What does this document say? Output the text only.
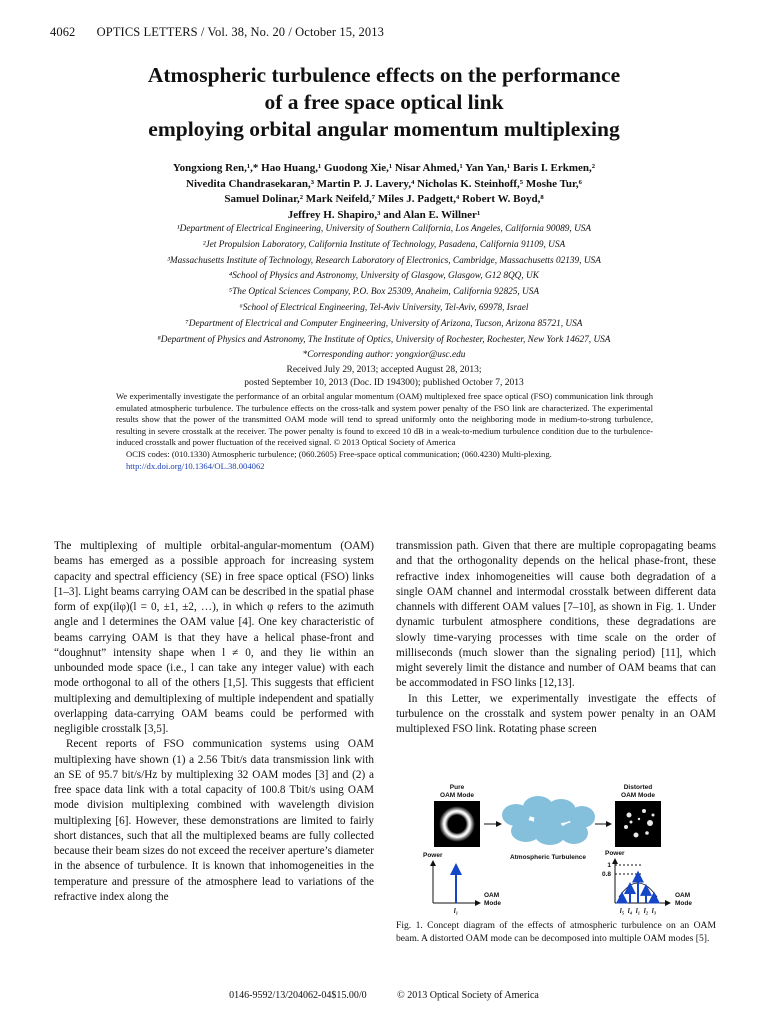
4062 OPTICS LETTERS / Vol. 38, No. 20 / October 15, 2013
Atmospheric turbulence effects on the performance
of a free space optical link
employing orbital angular momentum multiplexing
Yongxiong Ren,¹,* Hao Huang,¹ Guodong Xie,¹ Nisar Ahmed,¹ Yan Yan,¹ Baris I. Erkmen,²
Nivedita Chandrasekaran,³ Martin P. J. Lavery,⁴ Nicholas K. Steinhoff,⁵ Moshe Tur,⁶
Samuel Dolinar,² Mark Neifeld,⁷ Miles J. Padgett,⁴ Robert W. Boyd,⁸
Jeffrey H. Shapiro,³ and Alan E. Willner¹
¹Department of Electrical Engineering, University of Southern California, Los Angeles, California 90089, USA
²Jet Propulsion Laboratory, California Institute of Technology, Pasadena, California 91109, USA
³Massachusetts Institute of Technology, Research Laboratory of Electronics, Cambridge, Massachusetts 02139, USA
⁴School of Physics and Astronomy, University of Glasgow, Glasgow, G12 8QQ, UK
⁵The Optical Sciences Company, P.O. Box 25309, Anaheim, California 92825, USA
⁶School of Electrical Engineering, Tel-Aviv University, Tel-Aviv, 69978, Israel
⁷Department of Electrical and Computer Engineering, University of Arizona, Tucson, Arizona 85721, USA
⁸Department of Physics and Astronomy, The Institute of Optics, University of Rochester, Rochester, New York 14627, USA
*Corresponding author: yongxior@usc.edu
Received July 29, 2013; accepted August 28, 2013;
posted September 10, 2013 (Doc. ID 194300); published October 7, 2013

We experimentally investigate the performance of an orbital angular momentum (OAM) multiplexed free space optical (FSO) communication link through emulated atmospheric turbulence. The turbulence effects on the cross-talk and system power penalty of the FSO link are characterized. The experimental results show that the power of the transmitted OAM mode will tend to spread uniformly onto the neighboring mode in medium-to-strong turbulence, resulting in severe crosstalk at the receiver. The power penalty is found to exceed 10 dB in a weak-to-medium turbulence condition due to the turbulence-induced crosstalk and power fluctuation of the received signal. © 2013 Optical Society of America

OCIS codes: (010.1330) Atmospheric turbulence; (060.2605) Free-space optical communication; (060.4230) Multi-plexing.

http://dx.doi.org/10.1364/OL.38.004062

The multiplexing of multiple orbital-angular-momentum (OAM) beams has emerged as a possible approach for increasing system capacity and spectral efficiency (SE) in free space optical (FSO) links [1–3]. Light beams carrying OAM can be described in the spatial phase form of exp(ilφ)(l = 0, ±1, ±2, …), in which φ refers to the azimuth angle and l determines the OAM value [4]. One key characteristic of beams carrying OAM is that they have a helical phase-front and “doughnut” intensity shape when l ≠ 0, and they lie within an unbounded mode space (i.e., l can take any integer value) with each mode orthogonal to all of the others [1,5]. This suggests that efficient multiplexing and demultiplexing of multiple independent and spatially overlapping data-carrying OAM beams could be performed with negligible crosstalk [3,5].

Recent reports of FSO communication systems using OAM multiplexing have shown (1) a 2.56 Tbit/s data transmission link with an SE of 95.7 bit/s/Hz by multiplexing 32 OAM modes [3] and (2) a free space data link with a total capacity of 100.8 Tbit/s using OAM mode division multiplexing combined with wavelength division multiplexing [6]. However, these demonstrations are limited to fairly short distances, such that all the multiplexed beams are fully collected because their beam sizes do not exceed the receiver aperture’s diameter in the absence of turbulence. It is known that inhomogeneities in the temperature and pressure of the atmosphere lead to variations of the refractive index along the

transmission path. Given that there are multiple copropagating beams and that the orthogonality depends on the helical phase-front, these refractive index inhomogeneities will cause both degradation of a single OAM channel and intermodal crosstalk between different data channels with different OAM values [7–10], as shown in Fig. 1. Under dynamic turbulent atmosphere conditions, these degradations are slowly time-varying processes with time scale on the order of milliseconds (much slower than the signaling period) [11], which might severely limit the distance and number of OAM beams that can be accommodated in FSO links [12,13].

In this Letter, we experimentally investigate the effects of turbulence on the crosstalk and system power penalty in an OAM multiplexed FSO link. Rotating phase screen

Pure
OAM Mode
Distorted
OAM Mode
Atmospheric Turbulence
Power
l₁
OAM
Mode
Power
1
0.8
l₅ l₄ l₁ l₂ l₃
OAM
Mode
Fig. 1. Concept diagram of the effects of atmospheric turbulence on an OAM beam. A distorted OAM mode can be decomposed into multiple OAM modes [5].
0146-9592/13/204062-04$15.00/0	© 2013 Optical Society of America
